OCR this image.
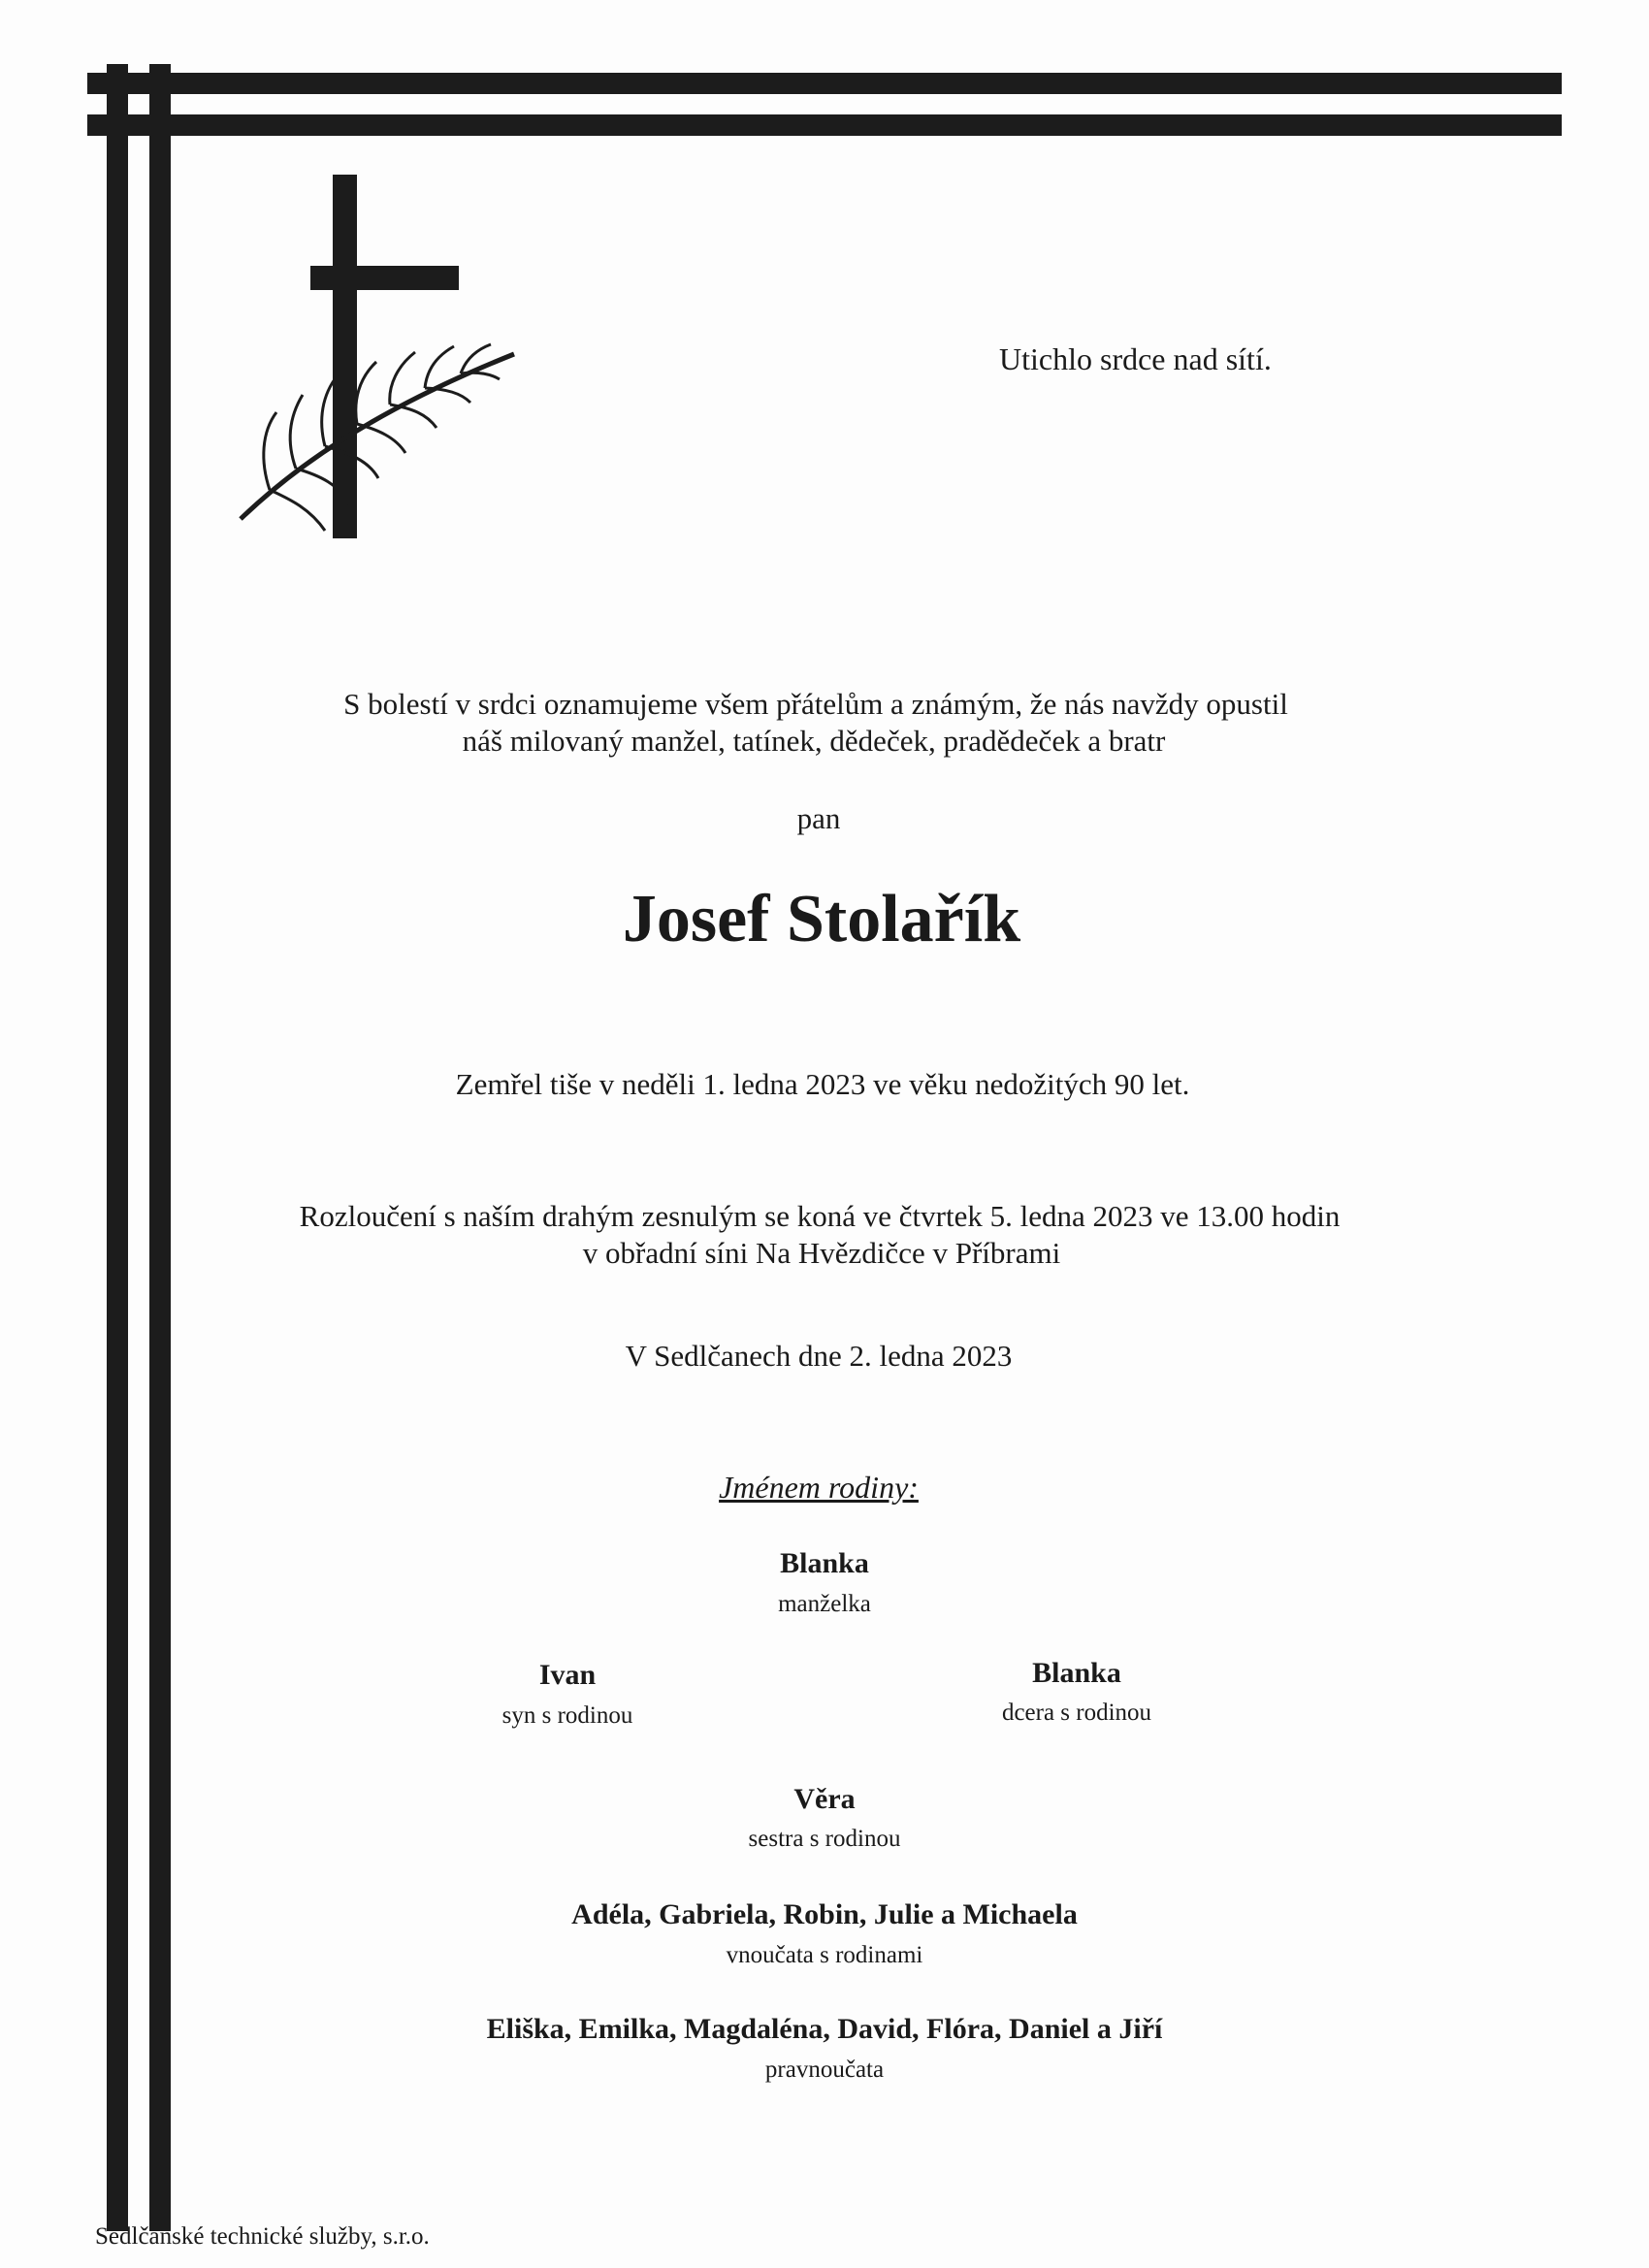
Utichlo srdce nad sítí.
S bolestí v srdci oznamujeme všem přátelům a známým, že nás navždy opustil
náš milovaný manžel, tatínek, dědeček, pradědeček a bratr
pan
Josef Stolařík
Zemřel tiše v neděli 1. ledna 2023 ve věku nedožitých 90 let.
Rozloučení s naším drahým zesnulým se koná ve čtvrtek 5. ledna 2023 ve 13.00 hodin
v obřadní síni Na Hvězdičce v Příbrami
V Sedlčanech dne 2. ledna 2023
Jménem rodiny:
Blanka
manželka
Ivan
syn s rodinou
Blanka
dcera s rodinou
Věra
sestra s rodinou
Adéla, Gabriela, Robin, Julie a Michaela
vnoučata s rodinami
Eliška, Emilka, Magdaléna, David, Flóra, Daniel a Jiří
pravnoučata
Sedlčanské technické služby, s.r.o.
